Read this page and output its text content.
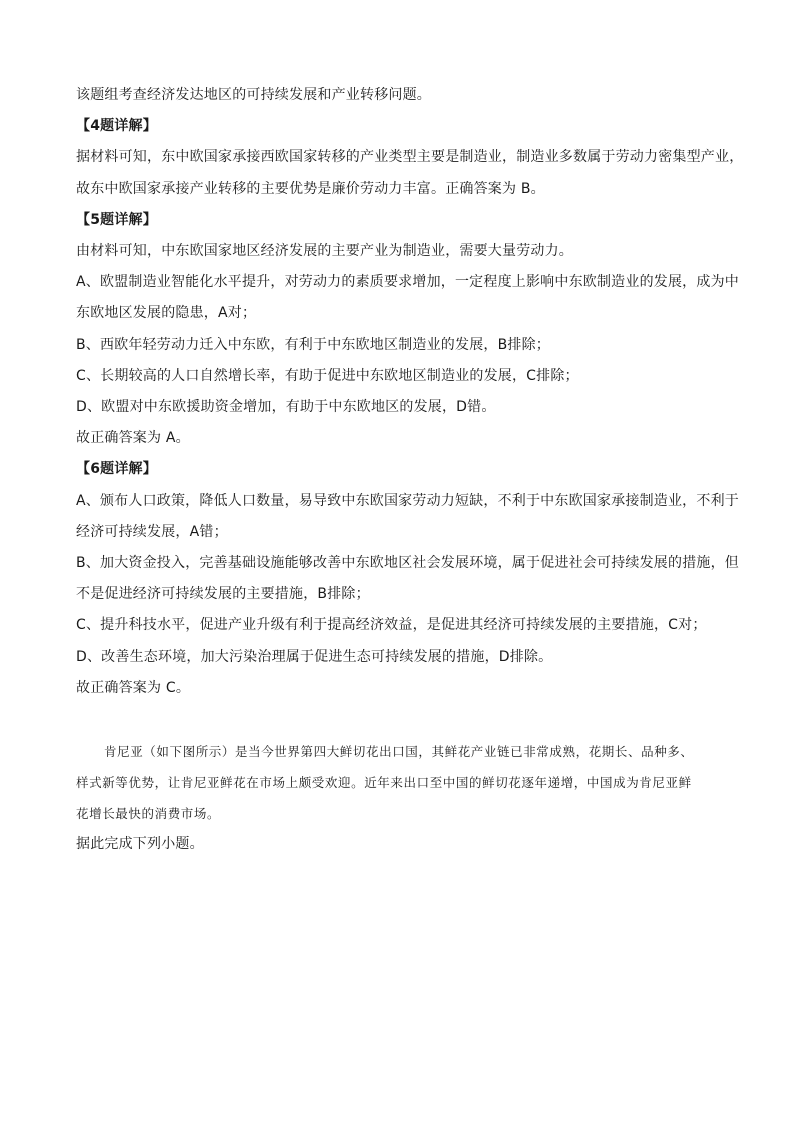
该题组考查经济发达地区的可持续发展和产业转移问题。

【4题详解】

据材料可知，东中欧国家承接西欧国家转移的产业类型主要是制造业，制造业多数属于劳动力密集型产业，

故东中欧国家承接产业转移的主要优势是廉价劳动力丰富。正确答案为 B。

【5题详解】

由材料可知，中东欧国家地区经济发展的主要产业为制造业，需要大量劳动力。

A、欧盟制造业智能化水平提升，对劳动力的素质要求增加，一定程度上影响中东欧制造业的发展，成为中

东欧地区发展的隐患，A对；

B、西欧年轻劳动力迁入中东欧，有利于中东欧地区制造业的发展，B排除；

C、长期较高的人口自然增长率，有助于促进中东欧地区制造业的发展，C排除；

D、欧盟对中东欧援助资金增加，有助于中东欧地区的发展，D错。

故正确答案为 A。

【6题详解】

A、颁布人口政策，降低人口数量，易导致中东欧国家劳动力短缺，不利于中东欧国家承接制造业，不利于

经济可持续发展，A错；

B、加大资金投入，完善基础设施能够改善中东欧地区社会发展环境，属于促进社会可持续发展的措施，但

不是促进经济可持续发展的主要措施，B排除；

C、提升科技水平，促进产业升级有利于提高经济效益，是促进其经济可持续发展的主要措施，C对；

D、改善生态环境，加大污染治理属于促进生态可持续发展的措施，D排除。

故正确答案为 C。

肯尼亚（如下图所示）是当今世界第四大鲜切花出口国，其鲜花产业链已非常成熟，花期长、品种多、

样式新等优势，让肯尼亚鲜花在市场上颇受欢迎。近年来出口至中国的鲜切花逐年递增，中国成为肯尼亚鲜

花增长最快的消费市场。

据此完成下列小题。
